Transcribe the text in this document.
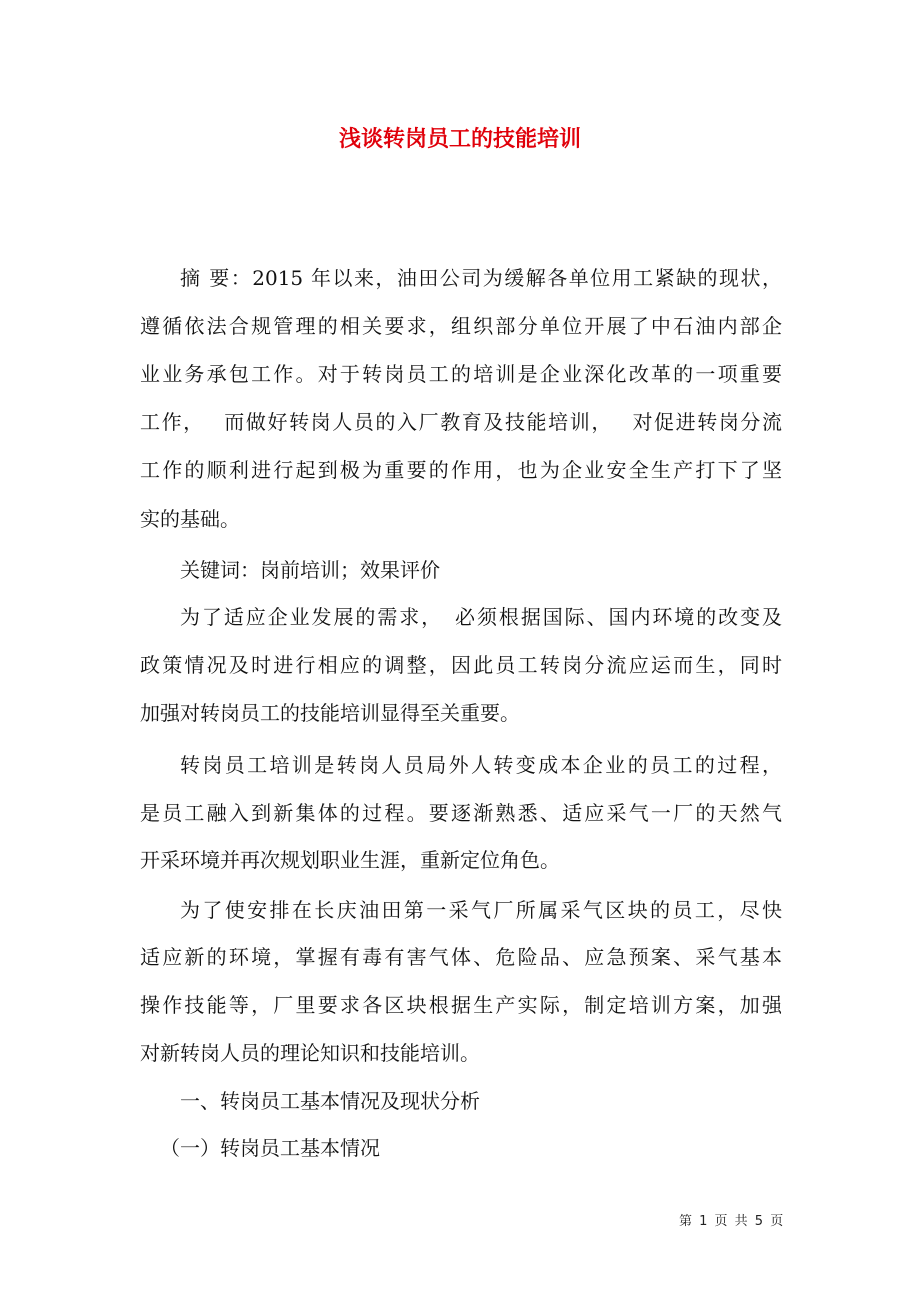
浅谈转岗员工的技能培训
摘 要：2015 年以来，油田公司为缓解各单位用工紧缺的现状，
遵循依法合规管理的相关要求，组织部分单位开展了中石油内部企
业业务承包工作。对于转岗员工的培训是企业深化改革的一项重要
工作，　 而做好转岗人员的入厂教育及技能培训，　 对促进转岗分流
工作的顺利进行起到极为重要的作用，也为企业安全生产打下了坚
实的基础。
关键词：岗前培训；效果评价
为了适应企业发展的需求，　必须根据国际、国内环境的改变及
政策情况及时进行相应的调整，因此员工转岗分流应运而生，同时
加强对转岗员工的技能培训显得至关重要。
转岗员工培训是转岗人员局外人转变成本企业的员工的过程，
是员工融入到新集体的过程。要逐渐熟悉、适应采气一厂的天然气
开采环境并再次规划职业生涯，重新定位角色。
为了使安排在长庆油田第一采气厂所属采气区块的员工，尽快
适应新的环境，掌握有毒有害气体、危险品、应急预案、采气基本
操作技能等，厂里要求各区块根据生产实际，制定培训方案，加强
对新转岗人员的理论知识和技能培训。
一、转岗员工基本情况及现状分析
（一）转岗员工基本情况
第 1 页 共 5 页
